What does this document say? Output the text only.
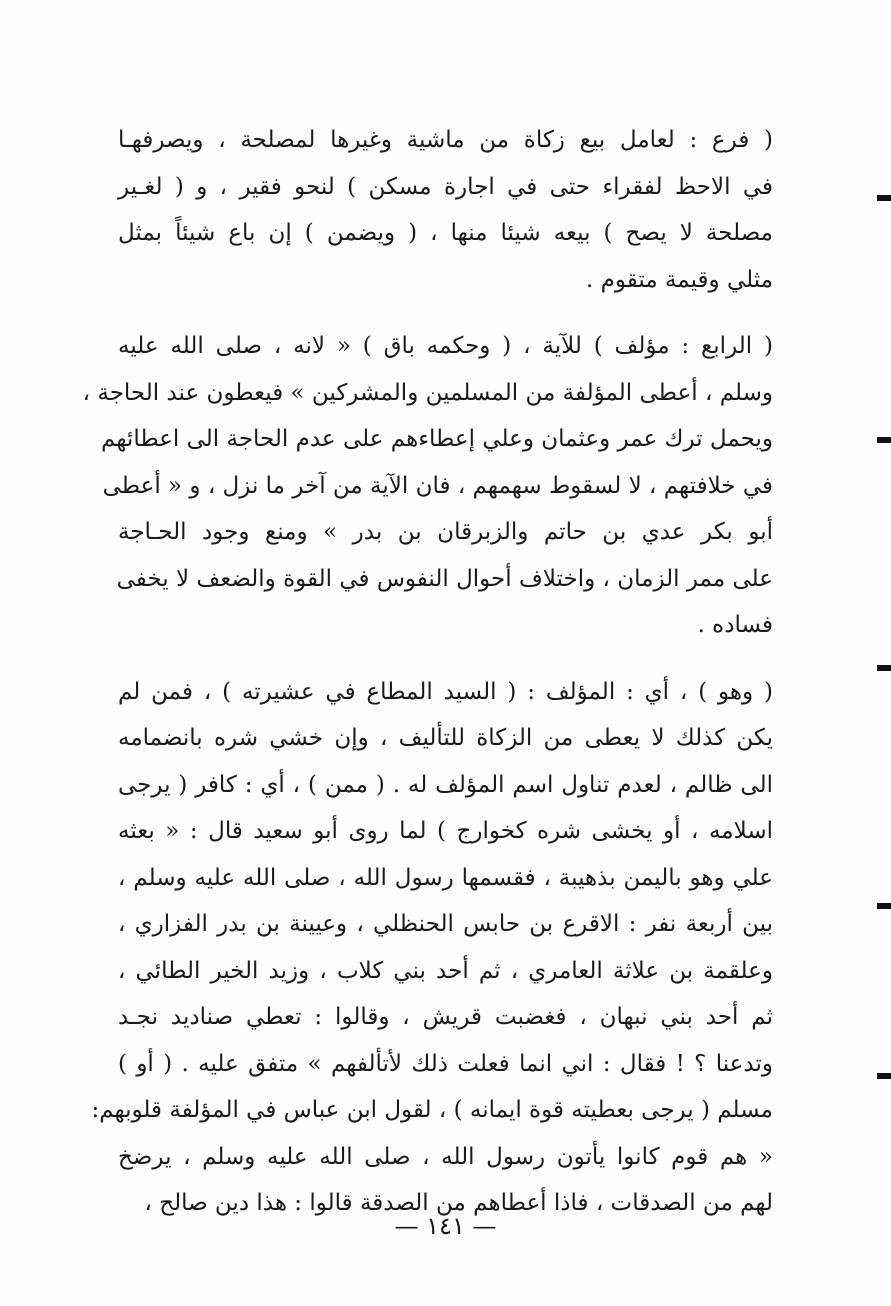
( فرع : لعامل بيع زكاة من ماشية وغيرها لمصلحة ، ويصرفهـا
في الاحظ لفقراء حتى في اجارة مسكن ) لنحو فقير ، و ( لغـير
مصلحة لا يصح ) بيعه شيئا منها ، ( ويضمن ) إن باع شيئاً بمثل
مثلي وقيمة متقوم .
( الرابع : مؤلف ) للآية ، ( وحكمه باق ) « لانه ، صلى الله عليه
وسلم ، أعطى المؤلفة من المسلمين والمشركين » فيعطون عند الحاجة ،
ويحمل ترك عمر وعثمان وعلي إعطاءهم على عدم الحاجة الى اعطائهم
في خلافتهم ، لا لسقوط سهمهم ، فان الآية من آخر ما نزل ، و « أعطى
أبو بكر عدي بن حاتم والزبرقان بن بدر » ومنع وجود الحـاجة
على ممر الزمان ، واختلاف أحوال النفوس في القوة والضعف لا يخفى
فساده .
( وهو ) ، أي : المؤلف : ( السيد المطاع في عشيرته ) ، فمن لم
يكن كذلك لا يعطى من الزكاة للتأليف ، وإن خشي شره بانضمامه
الى ظالم ، لعدم تناول اسم المؤلف له . ( ممن ) ، أي : كافر ( يرجى
اسلامه ، أو يخشى شره كخوارج ) لما روى أبو سعيد قال : « بعثه
علي وهو باليمن بذهيبة ، فقسمها رسول الله ، صلى الله عليه وسلم ،
بين أربعة نفر : الاقرع بن حابس الحنظلي ، وعيينة بن بدر الفزاري ،
وعلقمة بن علاثة العامري ، ثم أحد بني كلاب ، وزيد الخير الطائي ،
ثم أحد بني نبهان ، فغضبت قريش ، وقالوا : تعطي صناديد نجـد
وتدعنا ؟ ! فقال : اني انما فعلت ذلك لأتألفهم » متفق عليه . ( أو )
مسلم ( يرجى بعطيته قوة ايمانه ) ، لقول ابن عباس في المؤلفة قلوبهم:
« هم قوم كانوا يأتون رسول الله ، صلى الله عليه وسلم ، يرضخ
لهم من الصدقات ، فاذا أعطاهم من الصدقة قالوا : هذا دين صالح ،
— ١٤١ —
